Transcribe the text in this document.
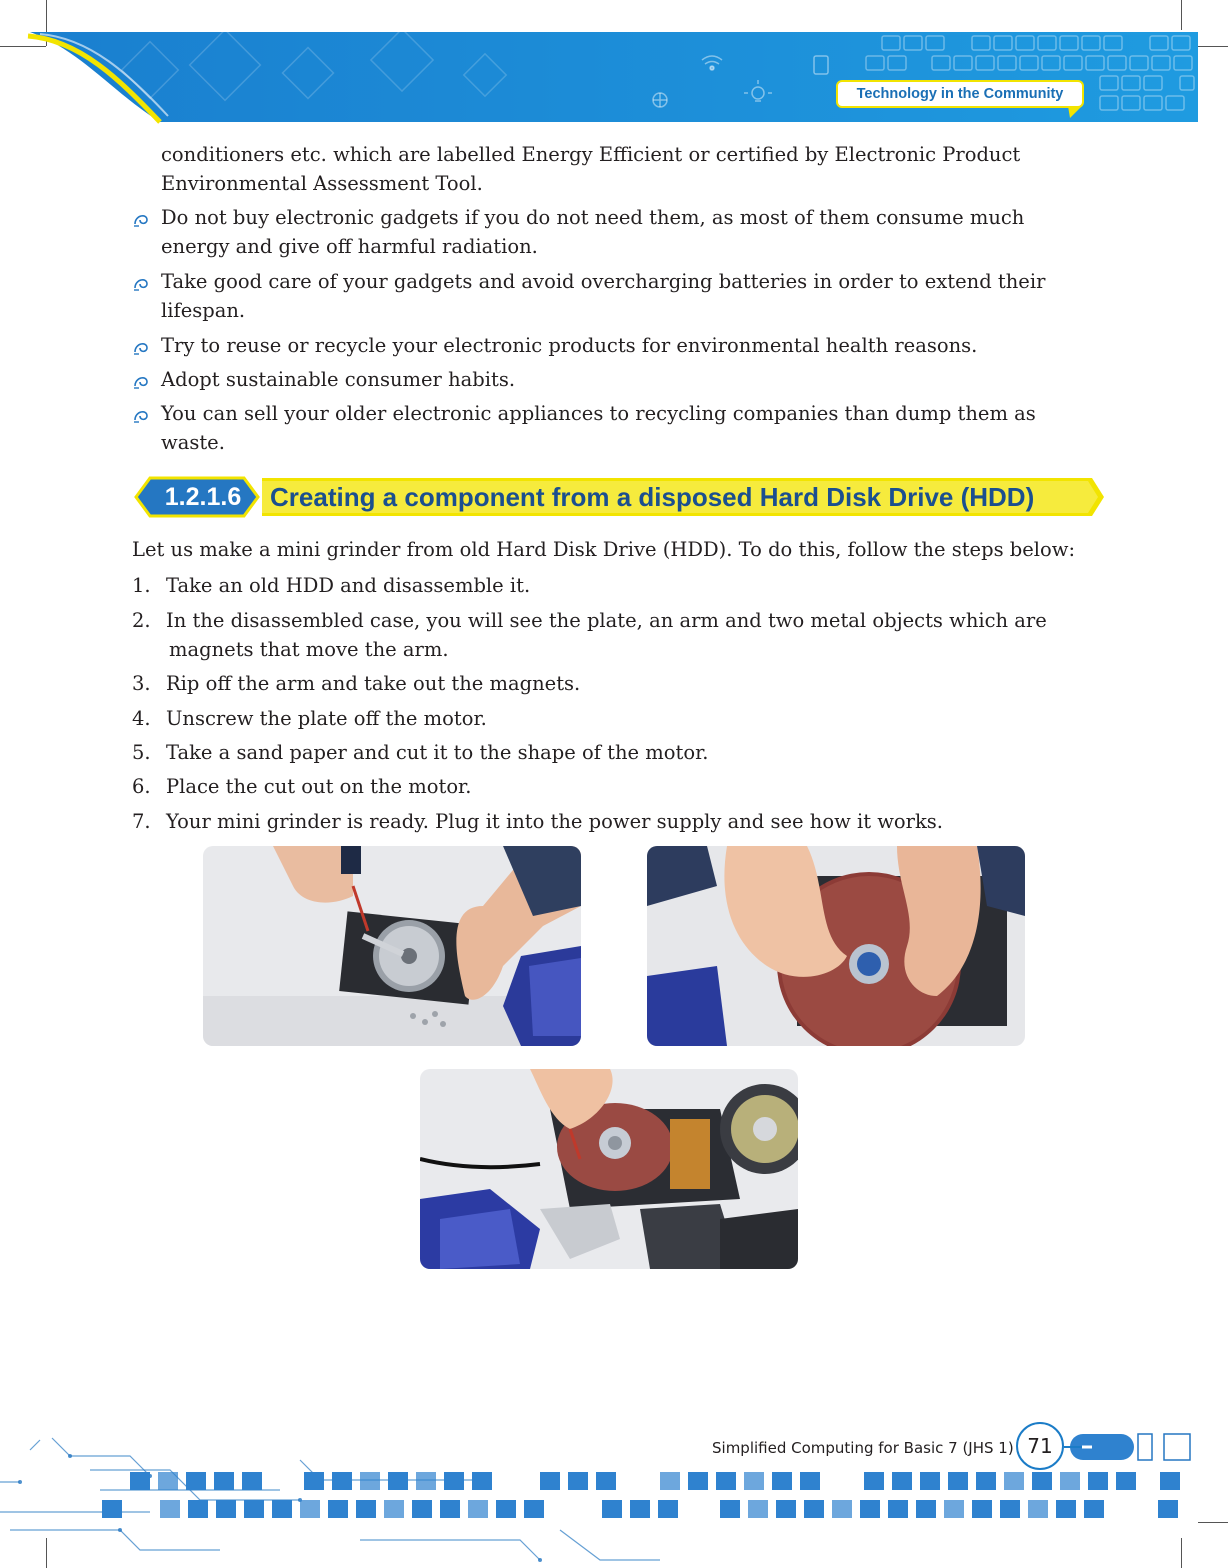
Technology in the Community
conditioners etc. which are labelled Energy Efficient or certified by Electronic Product
Environmental Assessment Tool.
Do not buy electronic gadgets if you do not need them, as most of them consume much
energy and give off harmful radiation.
Take good care of your gadgets and avoid overcharging batteries in order to extend their
lifespan.
Try to reuse or recycle your electronic products for environmental health reasons.
Adopt sustainable consumer habits.
You can sell your older electronic appliances to recycling companies than dump them as
waste.
1.2.1.6	Creating a component from a disposed Hard Disk Drive (HDD)
Let us make a mini grinder from old Hard Disk Drive (HDD). To do this, follow the steps below:
1. Take an old HDD and disassemble it.
2. In the disassembled case, you will see the plate, an arm and two metal objects which are
magnets that move the arm.
3. Rip off the arm and take out the magnets.
4. Unscrew the plate off the motor.
5. Take a sand paper and cut it to the shape of the motor.
6. Place the cut out on the motor.
7. Your mini grinder is ready. Plug it into the power supply and see how it works.
Simplified Computing for Basic 7 (JHS 1) 71
